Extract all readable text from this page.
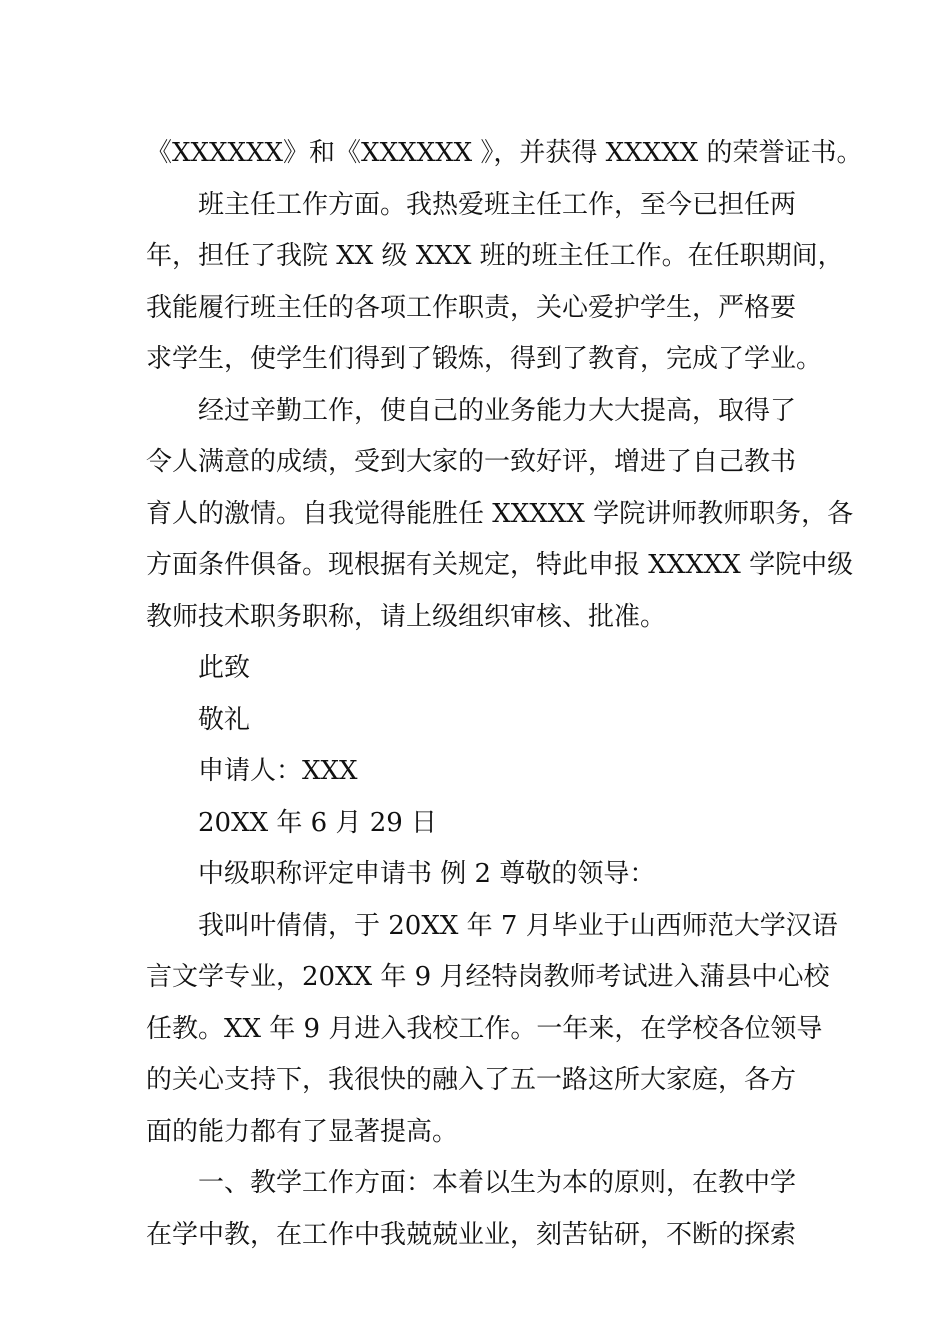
《XXXXXX》和《XXXXXX 》，并获得 XXXXX 的荣誉证书。
班主任工作方面。我热爱班主任工作，至今已担任两
年，担任了我院 XX 级 XXX 班的班主任工作。在任职期间，
我能履行班主任的各项工作职责，关心爱护学生，严格要
求学生，使学生们得到了锻炼，得到了教育，完成了学业。
经过辛勤工作，使自己的业务能力大大提高，取得了
令人满意的成绩，受到大家的一致好评，增进了自己教书
育人的激情。自我觉得能胜任 XXXXX 学院讲师教师职务，各
方面条件俱备。现根据有关规定，特此申报 XXXXX 学院中级
教师技术职务职称，请上级组织审核、批准。
此致
敬礼
申请人：XXX
20XX 年 6 月 29 日
中级职称评定申请书 例 2 尊敬的领导：
我叫叶倩倩，于 20XX 年 7 月毕业于山西师范大学汉语
言文学专业，20XX 年 9 月经特岗教师考试进入蒲县中心校
任教。XX 年 9 月进入我校工作。一年来，在学校各位领导
的关心支持下，我很快的融入了五一路这所大家庭，各方
面的能力都有了显著提高。
一、教学工作方面：本着以生为本的原则，在教中学
在学中教，在工作中我兢兢业业，刻苦钻研，不断的探索
